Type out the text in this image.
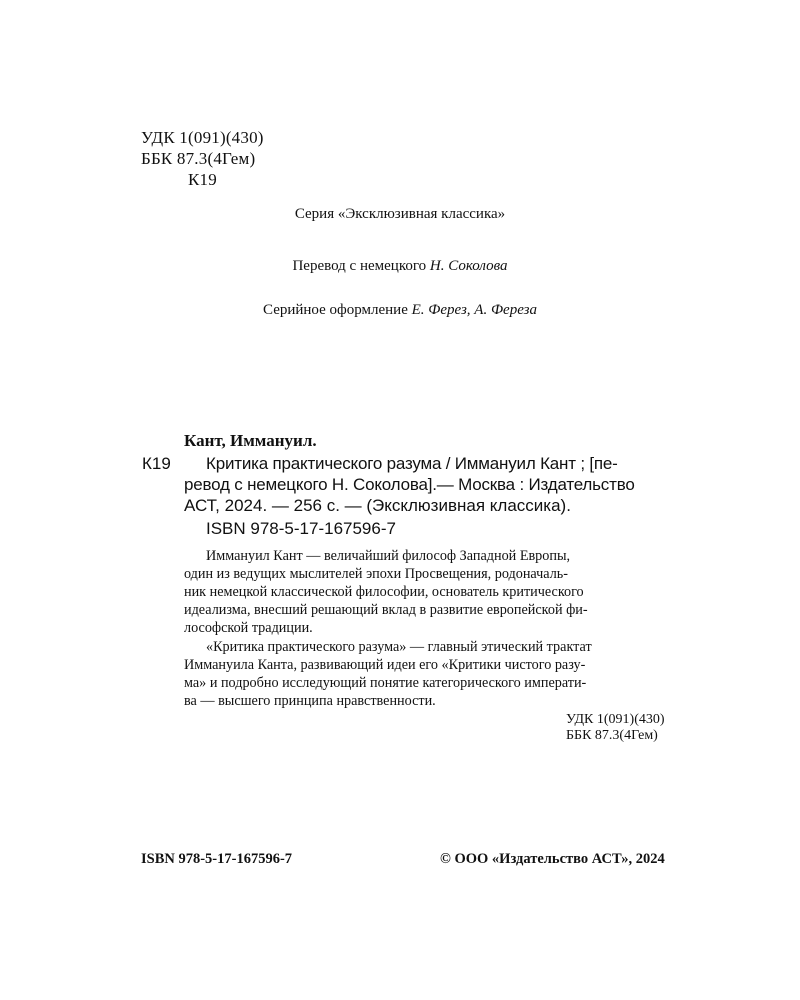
УДК 1(091)(430)
ББК 87.3(4Гем)
К19
Серия «Эксклюзивная классика»
Перевод с немецкого Н. Соколова
Серийное оформление Е. Ферез, А. Фереза
Кант, Иммануил.
К19 Критика практического разума / Иммануил Кант ; [пе-
ревод с немецкого Н. Соколова].— Москва : Издательство
АСТ, 2024. — 256 с. — (Эксклюзивная классика).
ISBN 978-5-17-167596-7
Иммануил Кант — величайший философ Западной Европы,
один из ведущих мыслителей эпохи Просвещения, родоначаль-
ник немецкой классической философии, основатель критического
идеализма, внесший решающий вклад в развитие европейской фи-
лософской традиции.
«Критика практического разума» — главный этический трактат
Иммануила Канта, развивающий идеи его «Критики чистого разу-
ма» и подробно исследующий понятие категорического императи-
ва — высшего принципа нравственности.
УДК 1(091)(430)
ББК 87.3(4Гем)
ISBN 978-5-17-167596-7	© ООО «Издательство АСТ», 2024
